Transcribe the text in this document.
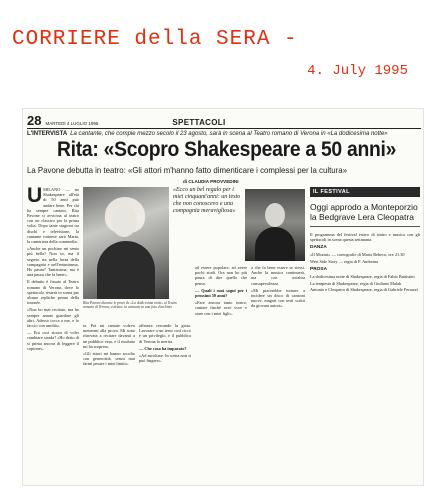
CORRIERE della SERA -
4. July 1995
28 MARTEDÌ 4 LUGLIO 1995	SPETTACOLI
L'INTERVISTA La cantante, che compie mezzo secolo il 23 agosto, sarà in scena al Teatro romano di Verona in «La dodicesima notte»
Rita: «Scopro Shakespeare a 50 anni»
La Pavone debutta in teatro: «Gli attori m'hanno fatto dimenticare i complessi per la cultura»
di CLAUDIA PROVVEDINI
U MILANO — no Shakespeare all'età di 50 anni può andare bene. Per chi ha sempre cantato, Rita Pavone si avvicina al teatro con un classico per la prima volta. Dopo tante stagioni tra dischi e televisione, la cantante torinese sarà Maria, la cameriera della commedia.

«Anche un pochino mi sento più bella? Non so, ma il segreto sta nella forza della compagnia e nell'entusiasmo. Ho paura? Tantissima, ma è una paura che fa bene».

Il debutto è fissato al Teatro romano di Verona, dove lo spettacolo resterà in scena per alcune repliche prima della tournée.

«Non ho mai recitato, ma ho sempre amato guardare gli altri. Adesso tocca a me, e lo faccio con umiltà».

— Era così sicura di voler cambiare strada? «Ho detto di sì prima ancora di leggere il copione».

«Ecco un bel regalo per i miei cinquant'anni: un testo che non conoscevo e una compagnia meravigliosa»
Rita Pavone durante le prove de «La dodicesima notte» al Teatro romano di Verona; a destra, la cantante in una foto d'archivio

ta. Poi mi cantate volevo mettermi alla prova. Mi sono ritrovata a recitare davanti a un pubblico vero, e il risultato mi ha sorpreso.

«Gli attori mi hanno accolto con generosità, senza mai farmi pesare i miei limiti».

affronta cercando la gioia. Lavorare a un testo così ricco è un privilegio, e il pubblico di Verona lo merita.

— Che cosa ha imparato?

«Ad ascoltare. In scena non si può fingere».

ad essere popolare, ad avere pochi studi. Ora non ho più paura di dire quello che penso.

— Quali i suoi sogni per i prossimi 50 anni?

«Fare ancora tanto teatro, cantare finché avrò voce e stare con i miei figli».

a che fa bene essere se stessi. Anche la musica continuerà, ma con un'altra consapevolezza.

«Mi piacerebbe tornare a incidere un disco di canzoni nuove, magari con testi scritti da giovani autori».

IL FESTIVAL
Oggi approdo a Monteporzio la Bedgrave Lera Cleopatra

Il programma del festival estivo di teatro e musica con gli spettacoli in scena questa settimana.

DANZA

«Il Mozart» — coreografie di Maria Rebeco, ore 21.30

West Side Story — regia di F. Andreina

PROSA

La dodicesima notte di Shakespeare, regia di Fabio Battistini

La tempesta di Shakespeare, regia di Giuliano Malak

Antonio e Cleopatra di Shakespeare, regia di Gabriele Ferrazzi
